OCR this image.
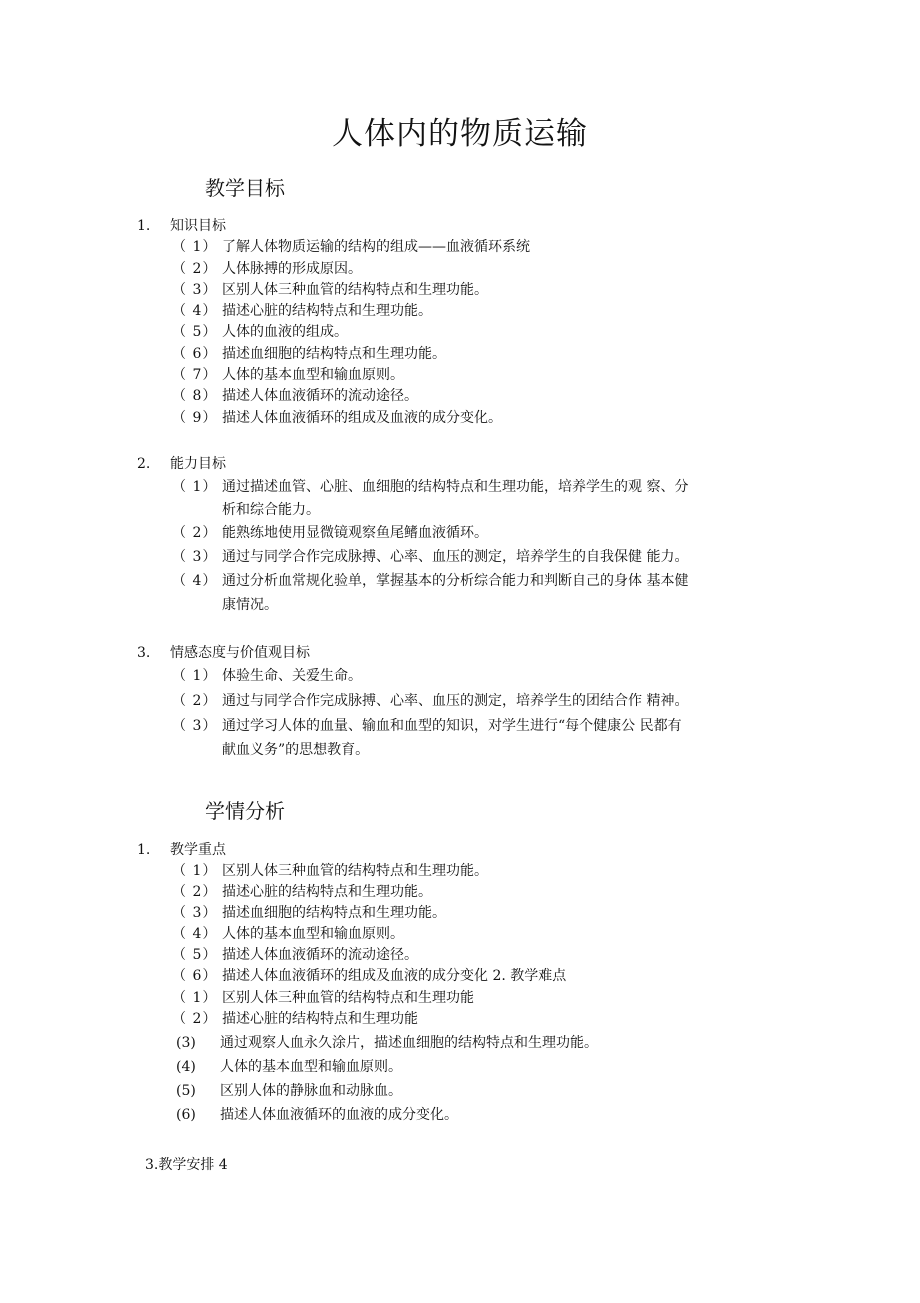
人体内的物质运输
教学目标
1. 知识目标
（ 1） 了解人体物质运输的结构的组成——血液循环系统
（ 2） 人体脉搏的形成原因。
（ 3） 区别人体三种血管的结构特点和生理功能。
（ 4） 描述心脏的结构特点和生理功能。
（ 5） 人体的血液的组成。
（ 6） 描述血细胞的结构特点和生理功能。
（ 7） 人体的基本血型和输血原则。
（ 8） 描述人体血液循环的流动途径。
（ 9） 描述人体血液循环的组成及血液的成分变化。
2. 能力目标
（ 1） 通过描述血管、心脏、血细胞的结构特点和生理功能，培养学生的观 察、分
析和综合能力。
（ 2） 能熟练地使用显微镜观察鱼尾鳍血液循环。
（ 3） 通过与同学合作完成脉搏、心率、血压的测定，培养学生的自我保健 能力。
（ 4） 通过分析血常规化验单，掌握基本的分析综合能力和判断自己的身体 基本健
康情况。
3. 情感态度与价值观目标
（ 1） 体验生命、关爱生命。
（ 2） 通过与同学合作完成脉搏、心率、血压的测定，培养学生的团结合作 精神。
（ 3） 通过学习人体的血量、输血和血型的知识，对学生进行“每个健康公 民都有
献血义务”的思想教育。
学情分析
1. 教学重点
（ 1） 区别人体三种血管的结构特点和生理功能。
（ 2） 描述心脏的结构特点和生理功能。
（ 3） 描述血细胞的结构特点和生理功能。
（ 4） 人体的基本血型和输血原则。
（ 5） 描述人体血液循环的流动途径。
（ 6） 描述人体血液循环的组成及血液的成分变化 2. 教学难点
（ 1） 区别人体三种血管的结构特点和生理功能
（ 2） 描述心脏的结构特点和生理功能
(3) 通过观察人血永久涂片，描述血细胞的结构特点和生理功能。
(4) 人体的基本血型和输血原则。
(5) 区别人体的静脉血和动脉血。
(6) 描述人体血液循环的血液的成分变化。
3.教学安排 4
